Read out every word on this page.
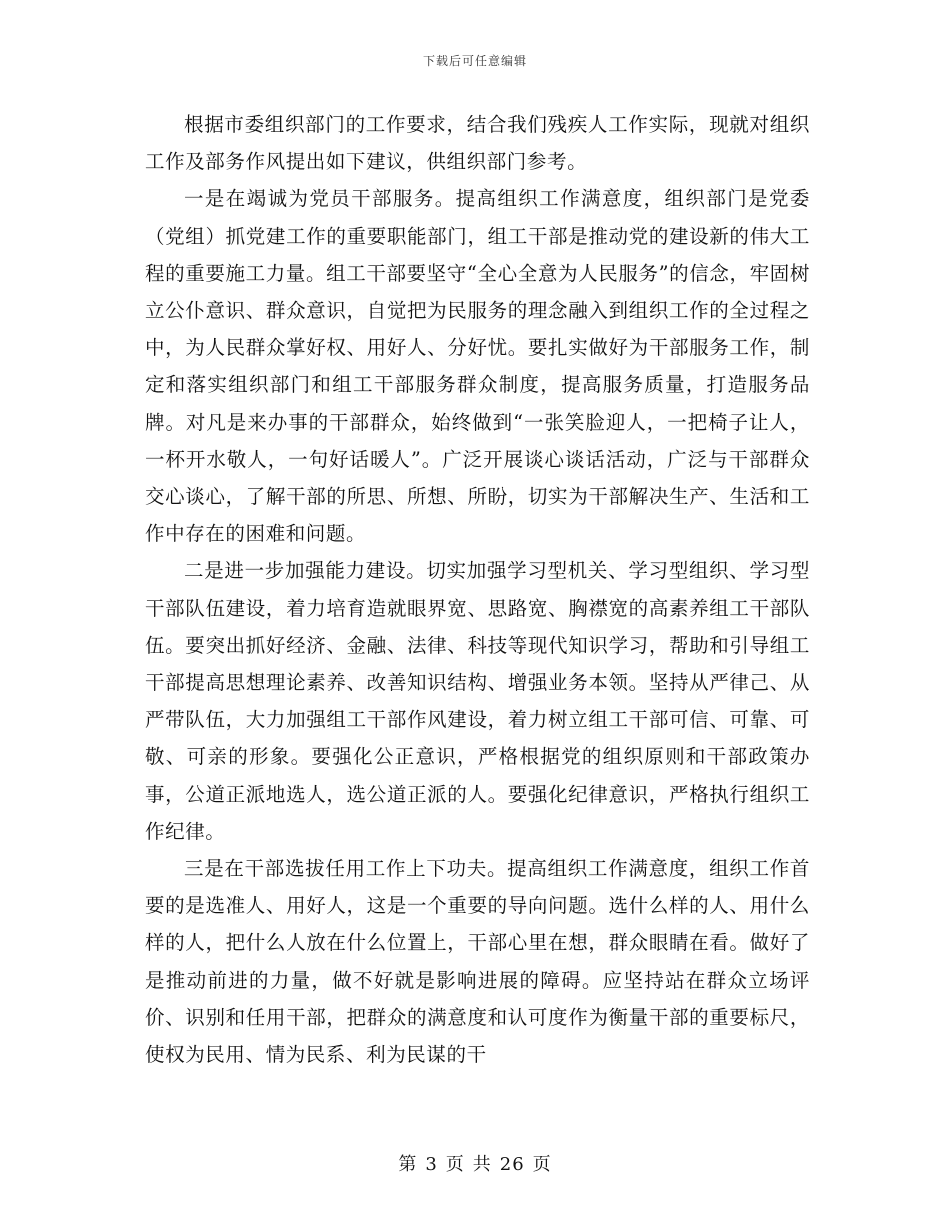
下载后可任意编辑

根据市委组织部门的工作要求，结合我们残疾人工作实际，现就对组织工作及部务作风提出如下建议，供组织部门参考。

一是在竭诚为党员干部服务。提高组织工作满意度，组织部门是党委（党组）抓党建工作的重要职能部门，组工干部是推动党的建设新的伟大工程的重要施工力量。组工干部要坚守“全心全意为人民服务”的信念，牢固树立公仆意识、群众意识，自觉把为民服务的理念融入到组织工作的全过程之中，为人民群众掌好权、用好人、分好忧。要扎实做好为干部服务工作，制定和落实组织部门和组工干部服务群众制度，提高服务质量，打造服务品牌。对凡是来办事的干部群众，始终做到“一张笑脸迎人，一把椅子让人，一杯开水敬人，一句好话暖人”。广泛开展谈心谈话活动，广泛与干部群众交心谈心，了解干部的所思、所想、所盼，切实为干部解决生产、生活和工作中存在的困难和问题。

二是进一步加强能力建设。切实加强学习型机关、学习型组织、学习型干部队伍建设，着力培育造就眼界宽、思路宽、胸襟宽的高素养组工干部队伍。要突出抓好经济、金融、法律、科技等现代知识学习，帮助和引导组工干部提高思想理论素养、改善知识结构、增强业务本领。坚持从严律己、从严带队伍，大力加强组工干部作风建设，着力树立组工干部可信、可靠、可敬、可亲的形象。要强化公正意识，严格根据党的组织原则和干部政策办事，公道正派地选人，选公道正派的人。要强化纪律意识，严格执行组织工作纪律。

三是在干部选拔任用工作上下功夫。提高组织工作满意度，组织工作首要的是选准人、用好人，这是一个重要的导向问题。选什么样的人、用什么样的人，把什么人放在什么位置上，干部心里在想，群众眼睛在看。做好了是推动前进的力量，做不好就是影响进展的障碍。应坚持站在群众立场评价、识别和任用干部，把群众的满意度和认可度作为衡量干部的重要标尺，使权为民用、情为民系、利为民谋的干

第 3 页 共 26 页
